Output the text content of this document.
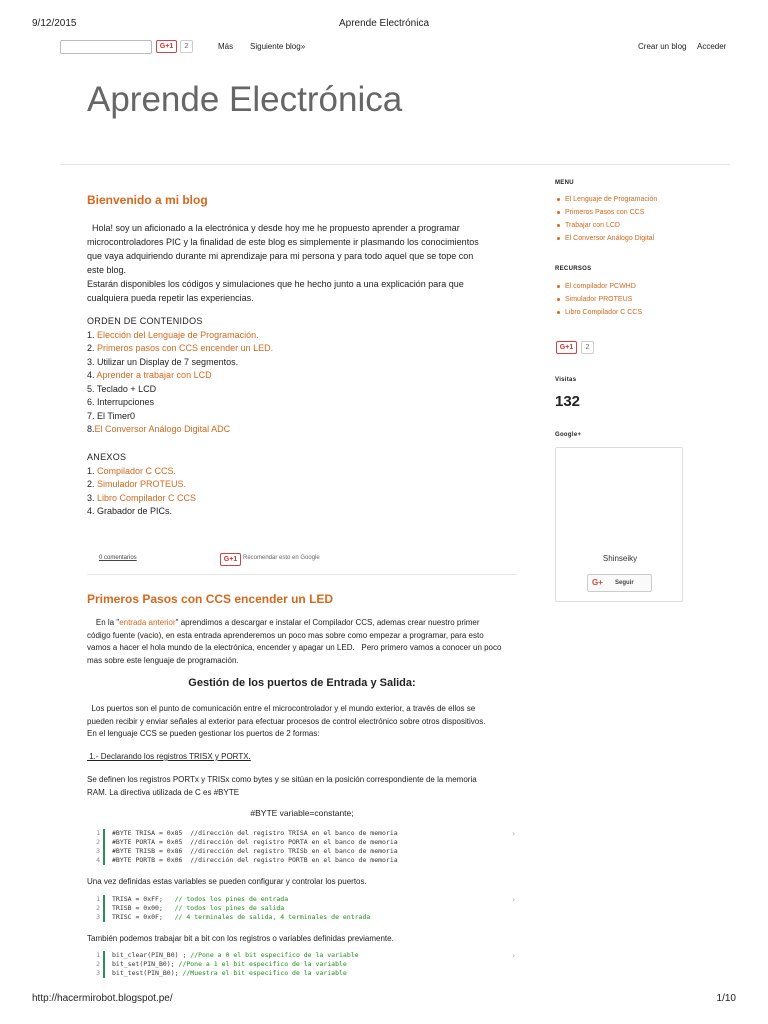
9/12/2015	Aprende Electrónica
G+1	2	Más Siguiente blog»	Crear un blog Acceder
Aprende Electrónica
Bienvenido a mi blog
Hola! soy un aficionado a la electrónica y desde hoy me he propuesto aprender a programar
microcontroladores PIC y la finalidad de este blog es simplemente ir plasmando los conocimientos
que vaya adquiriendo durante mi aprendizaje para mi persona y para todo aquel que se tope con
este blog.
Estarán disponibles los códigos y simulaciones que he hecho junto a una explicación para que
cualquiera pueda repetir las experiencias.
ORDEN DE CONTENIDOS
1. Elección del Lenguaje de Programación.
2. Primeros pasos con CCS encender un LED.
3. Utilizar un Display de 7 segmentos.
4. Aprender a trabajar con LCD
5. Teclado + LCD
6. Interrupciones
7. El Timer0
8.El Conversor Análogo Digital ADC
ANEXOS
1. Compilador C CCS.
2. Simulador PROTEUS.
3. Libro Compilador C CCS
4. Grabador de PICs.
0 comentarios	G+1 Recomendar esto en Google
Primeros Pasos con CCS encender un LED
En la "entrada anterior" aprendimos a descargar e instalar el Compilador CCS, ademas crear nuestro primer
código fuente (vacio), en esta entrada aprenderemos un poco mas sobre como empezar a programar, para esto
vamos a hacer el hola mundo de la electrónica, encender y apagar un LED.   Pero primero vamos a conocer un poco
mas sobre este lenguaje de programación.
Gestión de los puertos de Entrada y Salida:
Los puertos son el punto de comunicación entre el microcontrolador y el mundo exterior, a través de ellos se
pueden recibir y enviar señales al exterior para efectuar procesos de control electrónico sobre otros dispositivos.
En el lenguaje CCS se pueden gestionar los puertos de 2 formas:
1.- Declarando los registros TRISX y PORTX.
Se definen los registros PORTx y TRISx como bytes y se sitúan en la posición correspondiente de la memoria
RAM. La directiva utilizada de C es #BYTE
#BYTE variable=constante;
1 #BYTE TRISA = 0x85  //dirección del registro TRISA en el banco de memoria	›
2 #BYTE PORTA = 0x05  //dirección del registro PORTA en el banco de memoria
3 #BYTE TRISB = 0x86  //dirección del registro TRISb en el banco de memoria
4 #BYTE PORTB = 0x06  //dirección del registro PORTB en el banco de memoria
Una vez definidas estas variables se pueden configurar y controlar los puertos.
1 TRISA = 0xFF;   // todos los pines de entrada	›
2 TRISB = 0x00;   // todos los pines de salida
3 TRISC = 0x0F;   // 4 terminales de salida, 4 terminales de entrada
También podemos trabajar bit a bit con los registros o variables definidas previamente.
1 bit_clear(PIN_B0) ; //Pone a 0 el bit especifico de la variable	›
2 bit_set(PIN_B0); //Pone a 1 el bit especifico de la variable
3 bit_test(PIN_B0); //Muestra el bit especifico de la variable
MENU
El Lenguaje de Programación
Primeros Pasos con CCS
Trabajar con LCD
El Conversor Análogo Digital
RECURSOS
El compilador PCWHD
Simulador PROTEUS
Libro Compilador C CCS
G+1	2
Visitas
132
Google+
Shinseiky
G+ Seguir
http://hacermirobot.blogspot.pe/	1/10
